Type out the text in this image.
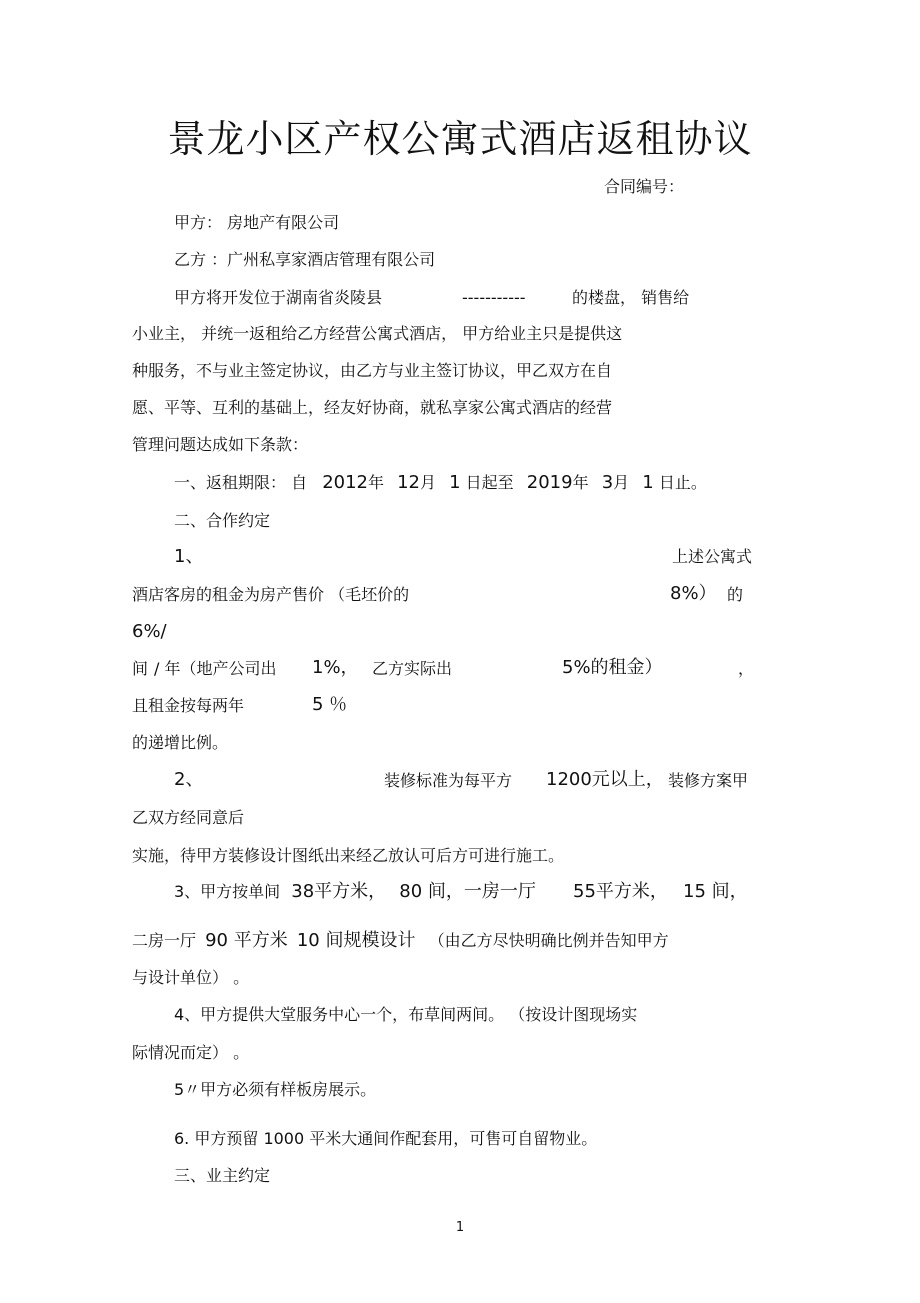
景龙小区产权公寓式酒店返租协议
合同编号：
甲方： 房地产有限公司
乙方 ：广州私享家酒店管理有限公司
甲方将开发位于湖南省炎陵县	-----------	的楼盘， 销售给
小业主， 并统一返租给乙方经营公寓式酒店， 甲方给业主只是提供这
种服务，不与业主签定协议，由乙方与业主签订协议，甲乙双方在自
愿、平等、互利的基础上，经友好协商，就私享家公寓式酒店的经营
管理问题达成如下条款：
一、返租期限： 自 2012年 12月 1 日起至 2019年 3月 1 日止。
二、合作约定
1、	上述公寓式
酒店客房的租金为房产售价 （毛坯价的	8%） 的
6%/
间 / 年（地产公司出 1%， 乙方实际出	5%的租金）	，
且租金按每两年	5 ％
的递增比例。
2、	装修标准为每平方 1200元以上， 装修方案甲
乙双方经同意后
实施，待甲方装修设计图纸出来经乙放认可后方可进行施工。
3、甲方按单间 38平方米， 80 间，一房一厅 55平方米， 15 间，
二房一厅 90 平方米 10 间规模设计 （由乙方尽快明确比例并告知甲方
与设计单位） 。
4、甲方提供大堂服务中心一个，布草间两间。 （按设计图现场实
际情况而定） 。
5〃甲方必须有样板房展示。
6. 甲方预留 1000 平米大通间作配套用，可售可自留物业。
三、业主约定
1
